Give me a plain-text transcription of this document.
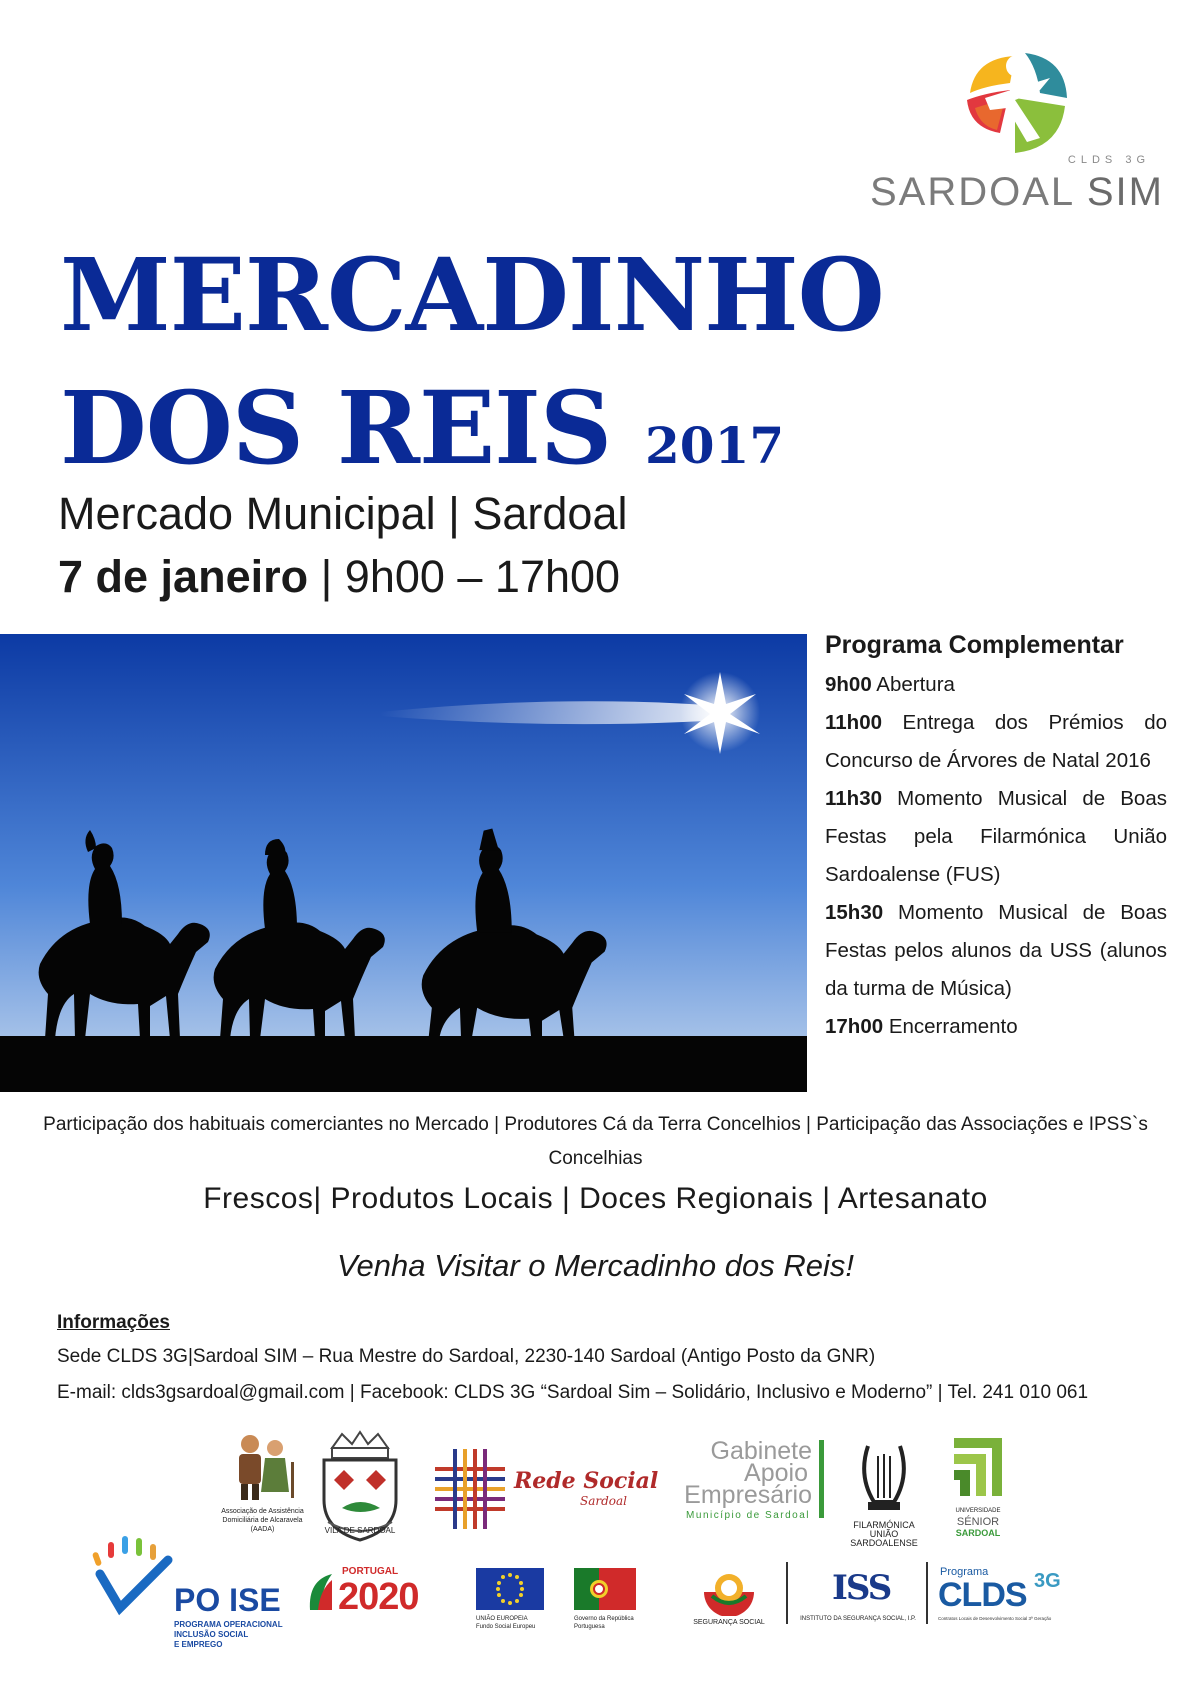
CLDS 3G
SARDOAL SIM
MERCADINHO
DOS REIS 2017
Mercado Municipal | Sardoal
7 de janeiro | 9h00 – 17h00
Programa Complementar

9h00 Abertura

11h00 Entrega dos Prémios do Concurso de Árvores de Natal 2016

11h30 Momento Musical de Boas Festas pela Filarmónica União Sardoalense (FUS)

15h30 Momento Musical de Boas Festas pelos alunos da USS (alunos da turma de Música)

17h00 Encerramento

Participação dos habituais comerciantes no Mercado | Produtores Cá da Terra Concelhios | Participação das Associações e IPSS`s Concelhias
Frescos| Produtos Locais | Doces Regionais | Artesanato
Venha Visitar o Mercadinho dos Reis!
Informações
Sede CLDS 3G|Sardoal SIM – Rua Mestre do Sardoal, 2230-140 Sardoal (Antigo Posto da GNR)
E-mail: clds3gsardoal@gmail.com | Facebook: CLDS 3G “Sardoal Sim – Solidário, Inclusivo e Moderno” | Tel. 241 010 061
Associação de Assistência Domiciliária de Alcaravela (AADA)	VILA DE SARDOAL
Rede Social
Sardoal
Gabinete
Apoio
Empresário
Município de Sardoal
FILARMÓNICA
UNIÃO SARDOALENSE
UNIVERSIDADE
SÉNIOR
SARDOAL
PO ISE
PROGRAMA OPERACIONAL
INCLUSÃO SOCIAL
E EMPREGO
PORTUGAL
2020
UNIÃO EUROPEIA
Fundo Social Europeu
Governo da República
Portuguesa
SEGURANÇA SOCIAL
ISS
INSTITUTO DA SEGURANÇA SOCIAL, I.P.
Programa
CLDS 3G
Contratos Locais de Desenvolvimento Social 3ª Geração
